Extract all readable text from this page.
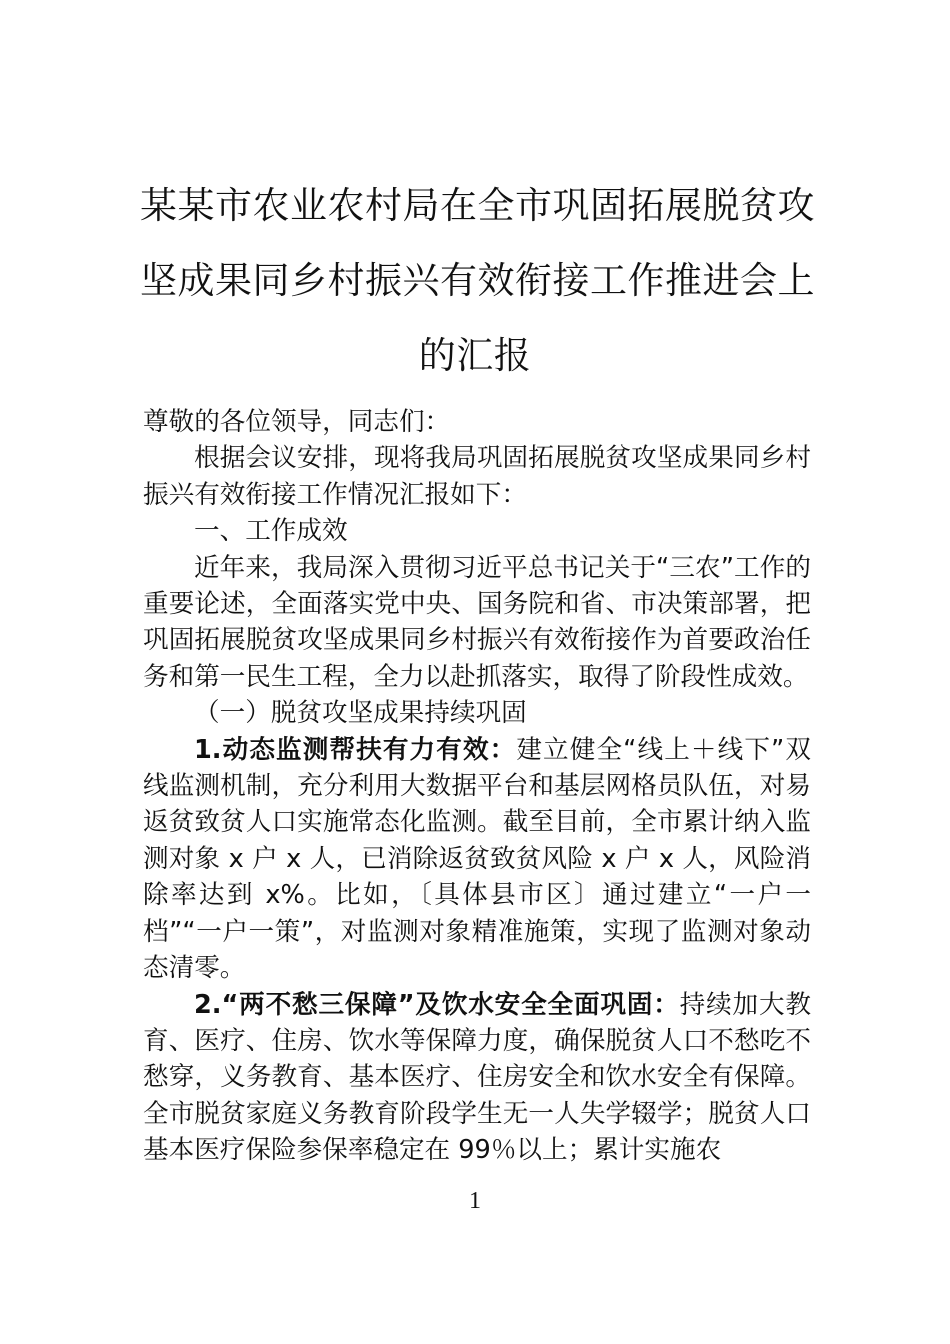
某某市农业农村局在全市巩固拓展脱贫攻
坚成果同乡村振兴有效衔接工作推进会上
的汇报

尊敬的各位领导，同志们：

根据会议安排，现将我局巩固拓展脱贫攻坚成果同乡村振兴有效衔接工作情况汇报如下：

一、工作成效

近年来，我局深入贯彻习近平总书记关于“三农”工作的重要论述，全面落实党中央、国务院和省、市决策部署，把巩固拓展脱贫攻坚成果同乡村振兴有效衔接作为首要政治任务和第一民生工程，全力以赴抓落实，取得了阶段性成效。

（一）脱贫攻坚成果持续巩固

1.动态监测帮扶有力有效：建立健全“线上＋线下”双线监测机制，充分利用大数据平台和基层网格员队伍，对易返贫致贫人口实施常态化监测。截至目前，全市累计纳入监测对象 x 户 x 人，已消除返贫致贫风险 x 户 x 人，风险消除率达到 x%。比如，〔具体县市区〕通过建立“一户一档”“一户一策”，对监测对象精准施策，实现了监测对象动态清零。

2.“两不愁三保障”及饮水安全全面巩固：持续加大教育、医疗、住房、饮水等保障力度，确保脱贫人口不愁吃不愁穿，义务教育、基本医疗、住房安全和饮水安全有保障。全市脱贫家庭义务教育阶段学生无一人失学辍学；脱贫人口基本医疗保险参保率稳定在 99％以上；累计实施农

1
